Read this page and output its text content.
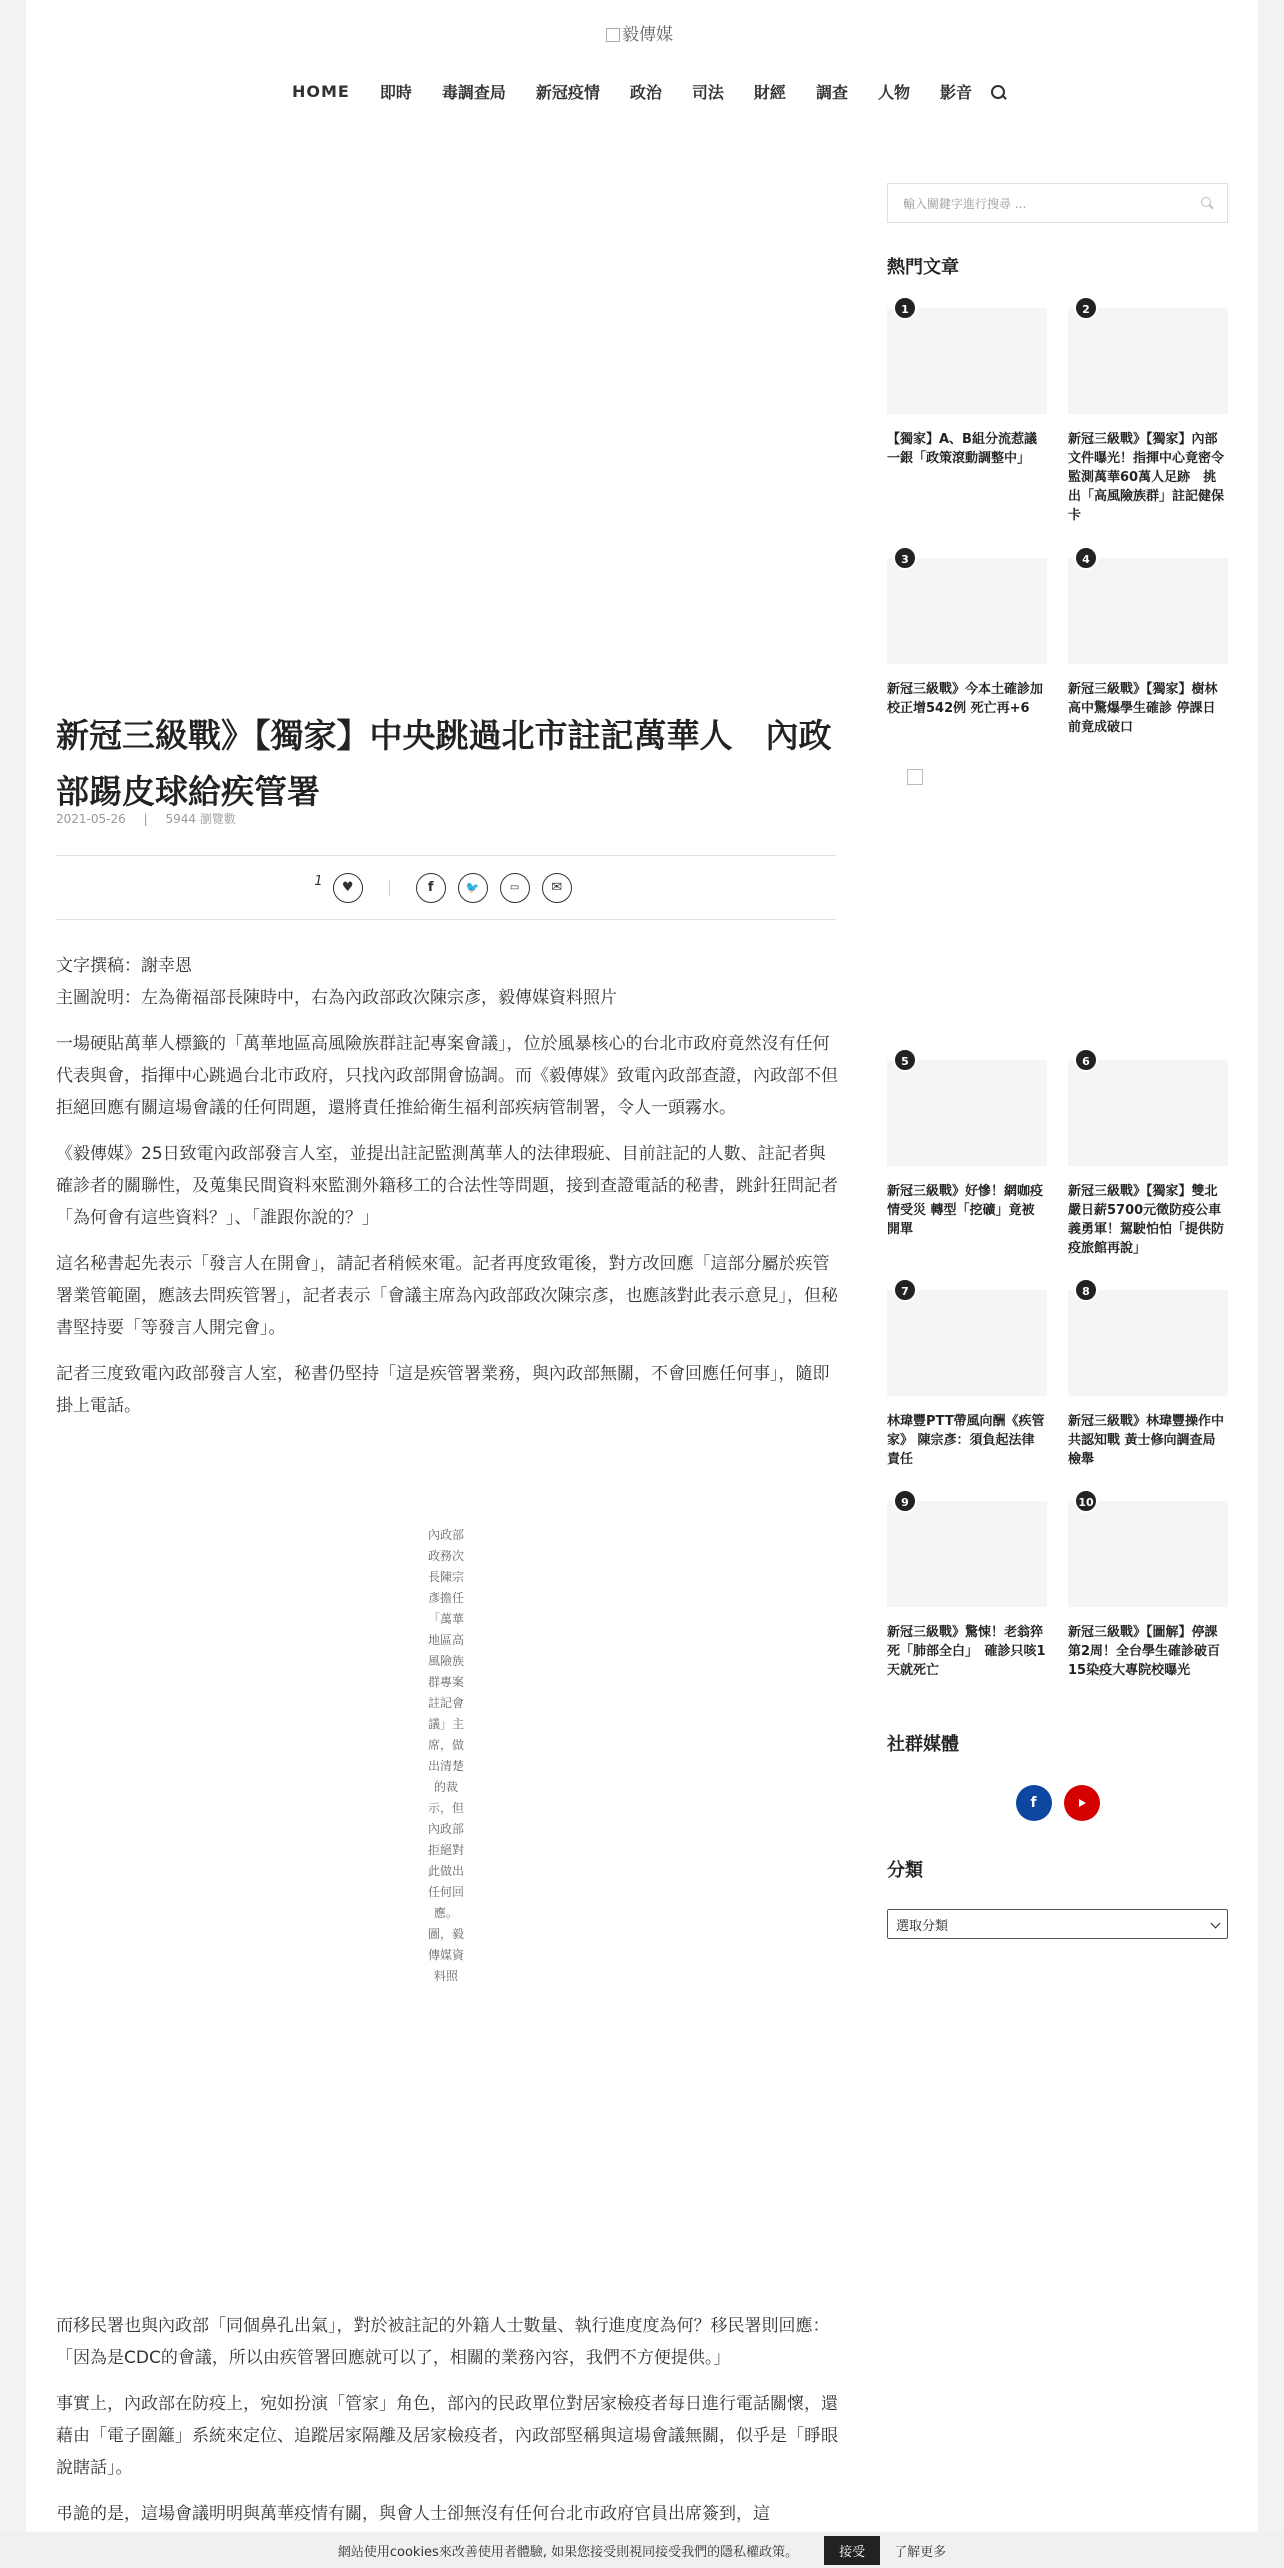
毅傳媒
HOME	即時	毒調查局	新冠疫情	政治	司法	財經	調查	人物	影音
新冠三級戰》【獨家】中央跳過北市註記萬華人　內政部踢皮球給疾管署
2021-05-26 | 5944 瀏覽數
1	♥	f	🐦	▭	✉

文字撰稿：謝幸恩

主圖說明：左為衛福部長陳時中，右為內政部政次陳宗彥，毅傳媒資料照片

一場硬貼萬華人標籤的「萬華地區高風險族群註記專案會議」，位於風暴核心的台北市政府竟然沒有任何代表與會，指揮中心跳過台北市政府，只找內政部開會協調。而《毅傳媒》致電內政部查證，內政部不但拒絕回應有關這場會議的任何問題，還將責任推給衛生福利部疾病管制署，令人一頭霧水。

《毅傳媒》25日致電內政部發言人室，並提出註記監測萬華人的法律瑕疵、目前註記的人數、註記者與確診者的關聯性，及蒐集民間資料來監測外籍移工的合法性等問題，接到查證電話的秘書，跳針狂問記者「為何會有這些資料？」、「誰跟你說的？」

這名秘書起先表示「發言人在開會」，請記者稍候來電。記者再度致電後，對方改回應「這部分屬於疾管署業管範圍，應該去問疾管署」，記者表示「會議主席為內政部政次陳宗彥，也應該對此表示意見」，但秘書堅持要「等發言人開完會」。

記者三度致電內政部發言人室，秘書仍堅持「這是疾管署業務，與內政部無關，不會回應任何事」，隨即掛上電話。

內政部政務次長陳宗彥擔任「萬華地區高風險族群專案註記會議」主席，做出清楚的裁示，但內政部拒絕對此做出任何回應。圖，毅傳媒資料照

而移民署也與內政部「同個鼻孔出氣」，對於被註記的外籍人士數量、執行進度度為何？移民署則回應：「因為是CDC的會議，所以由疾管署回應就可以了，相關的業務內容，我們不方便提供。」

事實上，內政部在防疫上，宛如扮演「管家」角色，部內的民政單位對居家檢疫者每日進行電話關懷，還藉由「電子圍籬」系統來定位、追蹤居家隔離及居家檢疫者，內政部堅稱與這場會議無關，似乎是「睜眼說瞎話」。

弔詭的是，這場會議明明與萬華疫情有關，與會人士卻無沒有任何台北市政府官員出席簽到，這

輸入關鍵字進行搜尋 ...
熱門文章
1
【獨家】A、B組分流惹議　一銀「政策滾動調整中」
2
新冠三級戰》【獨家】內部文件曝光！指揮中心竟密令監測萬華60萬人足跡　挑出「高風險族群」註記健保卡
3
新冠三級戰》今本土確診加校正增542例 死亡再+6
4
新冠三級戰》【獨家】樹林高中驚爆學生確診 停課日前竟成破口
5
新冠三級戰》好慘！網咖疫情受災 轉型「挖礦」竟被開單
6
新冠三級戰》【獨家】雙北嚴日薪5700元徵防疫公車義勇軍！駕駛怕怕「提供防疫旅館再說」
7
林瑋豐PTT帶風向酬《疾管家》 陳宗彥：須負起法律責任
8
新冠三級戰》林瑋豐操作中共認知戰 黃士修向調查局檢舉
9
新冠三級戰》驚悚！老翁猝死「肺部全白」　確診只咳1天就死亡
10
新冠三級戰》【圖解】停課第2周！全台學生確診破百　15染疫大專院校曝光
社群媒體
f
分類
選取分類
網站使用cookies來改善使用者體驗, 如果您接受則視同接受我們的隱私權政策。	接受	了解更多
